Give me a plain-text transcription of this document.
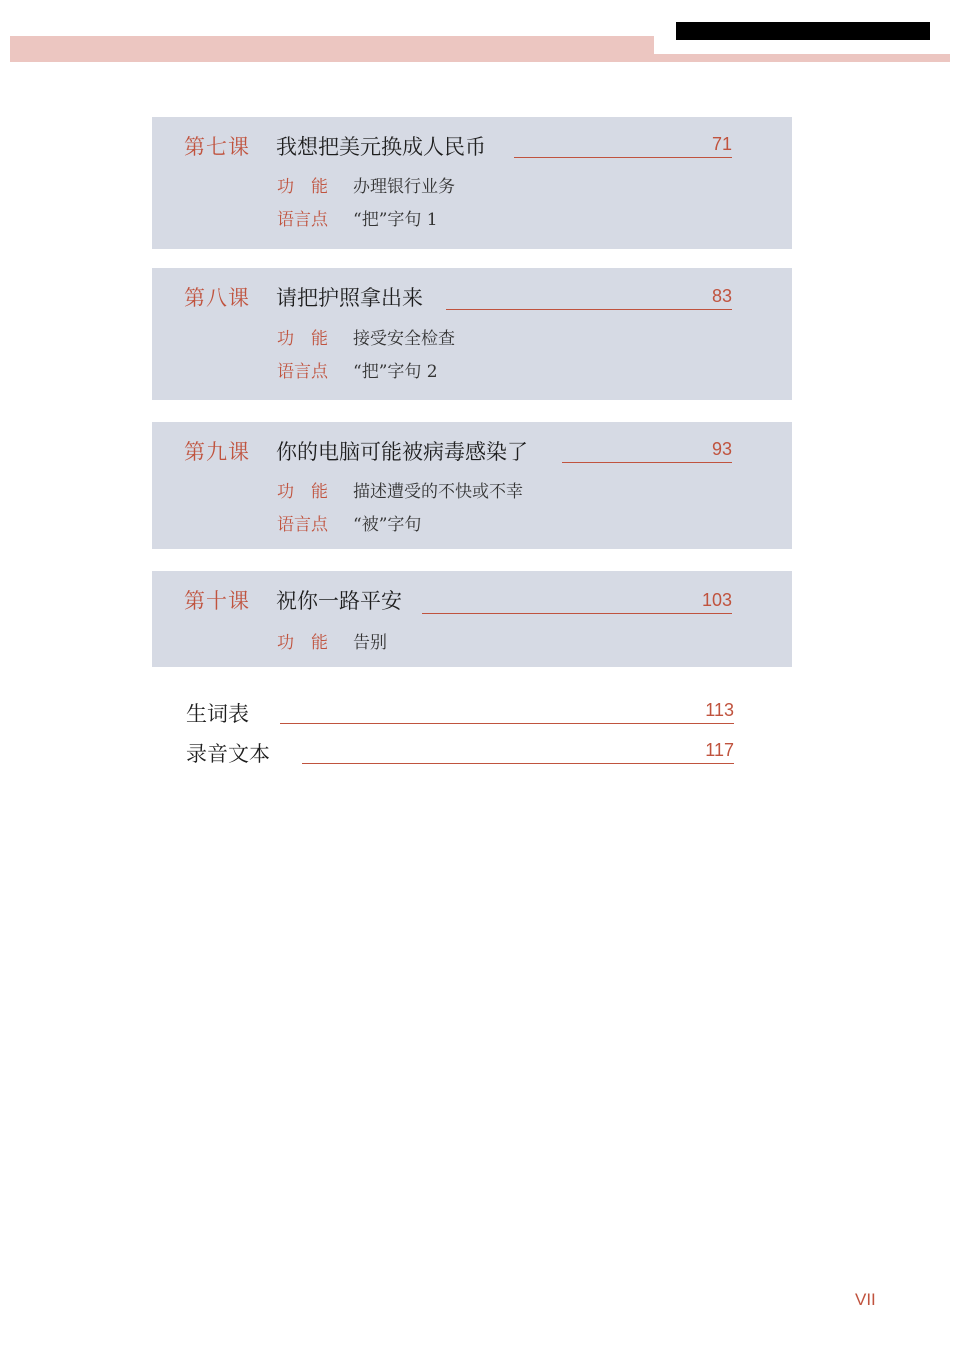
第七课 我想把美元换成人民币	71
功　能 办理银行业务
语言点 “把”字句 1
第八课 请把护照拿出来	83
功　能 接受安全检查
语言点 “把”字句 2
第九课 你的电脑可能被病毒感染了	93
功　能 描述遭受的不快或不幸
语言点 “被”字句
第十课 祝你一路平安	103
功　能 告别
生词表	113
录音文本	117
VII
